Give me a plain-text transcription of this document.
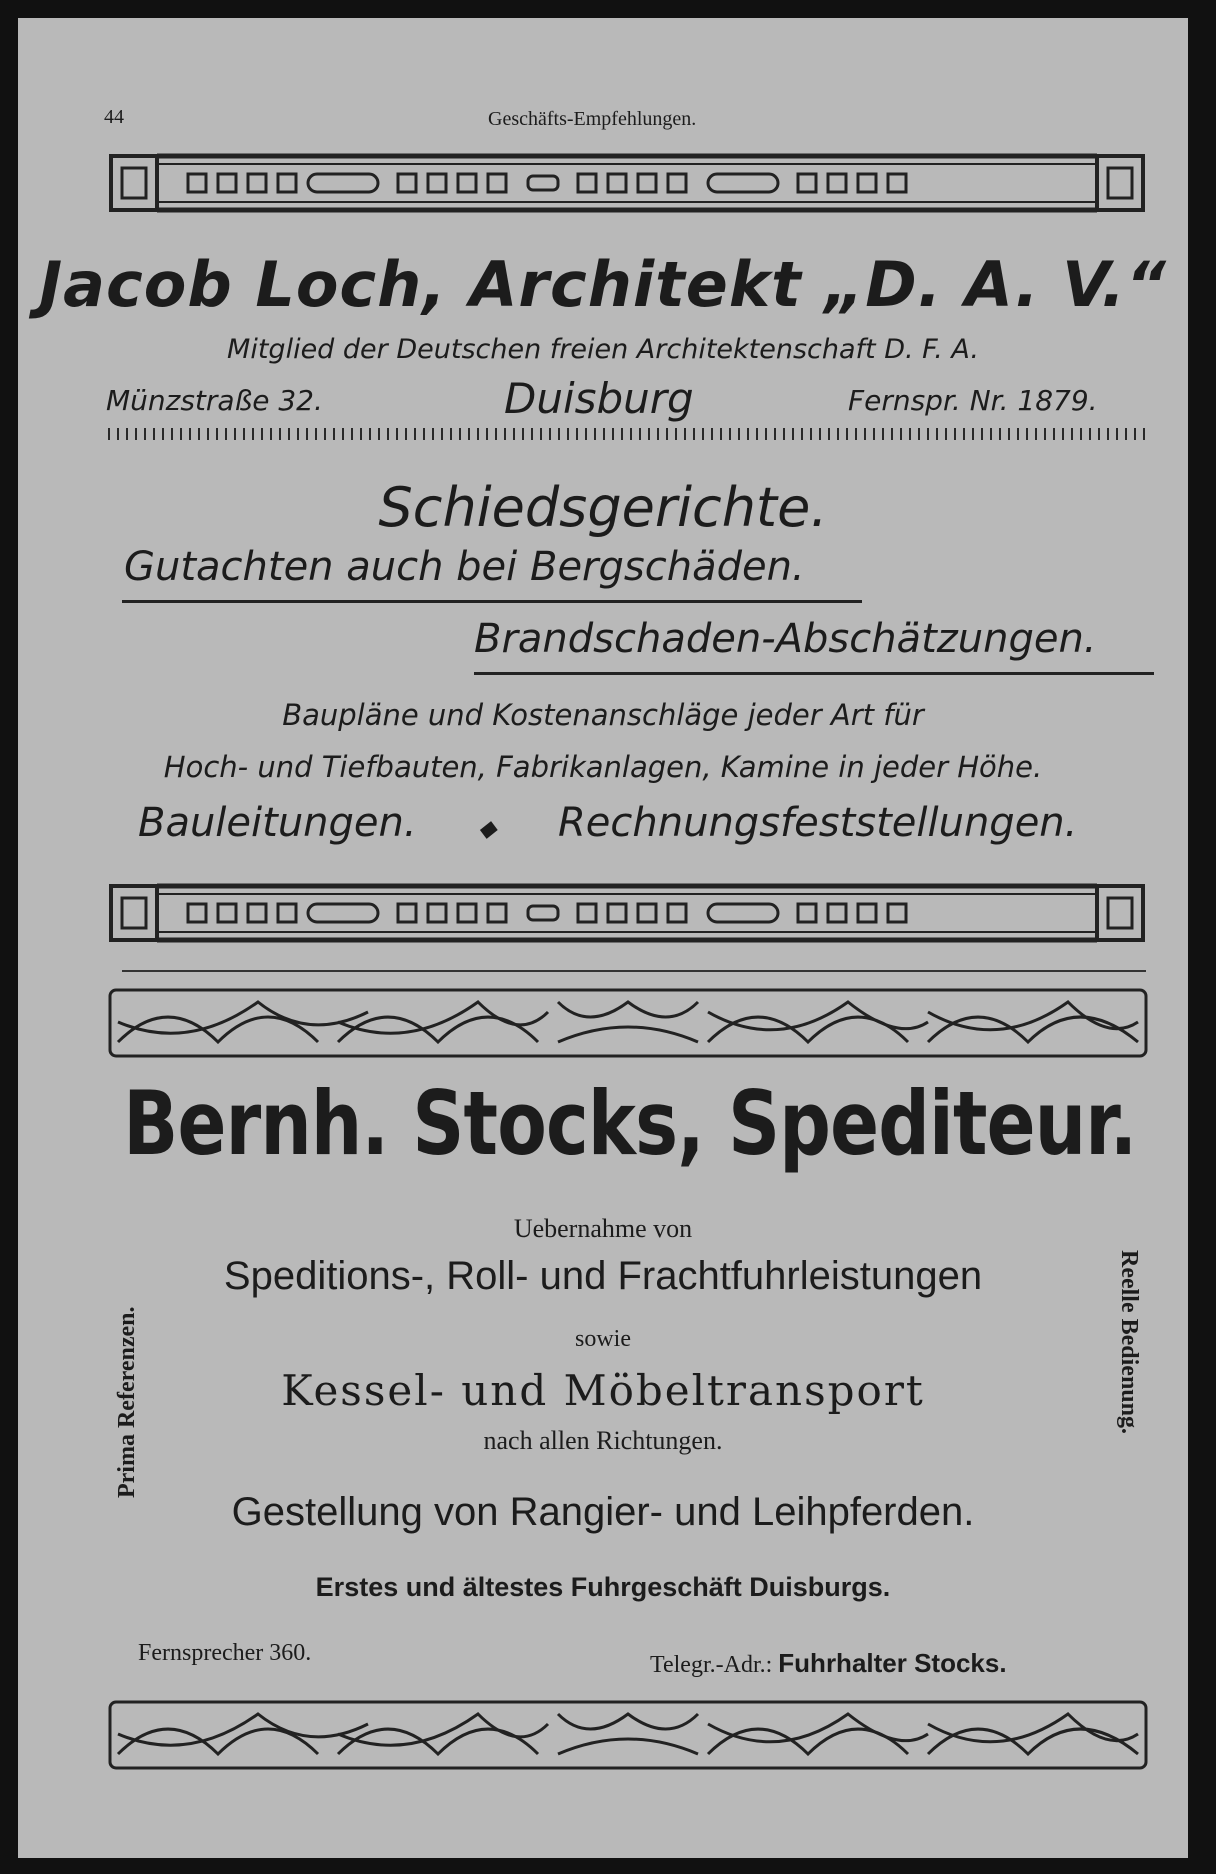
44	Geschäfts-Empfehlungen.
Jacob Loch, Architekt „D. A. V.“
Mitglied der Deutschen freien Architektenschaft D. F. A.
Münzstraße 32.	Duisburg	Fernspr. Nr. 1879.
Schiedsgerichte.
Gutachten auch bei Bergschäden.
Brandschaden-Abschätzungen.
Baupläne und Kostenanschläge jeder Art für
Hoch- und Tiefbauten, Fabrikanlagen, Kamine in jeder Höhe.
Bauleitungen. ⬥ Rechnungsfeststellungen.
Bernh. Stocks, Spediteur.
Uebernahme von
Speditions-, Roll- und Frachtfuhrleistungen
sowie
Kessel- und Möbeltransport
nach allen Richtungen.
Gestellung von Rangier- und Leihpferden.
Erstes und ältestes Fuhrgeschäft Duisburgs.
Fernsprecher 360.	Telegr.-Adr.: Fuhrhalter Stocks.
Prima Referenzen.	Reelle Bedienung.
